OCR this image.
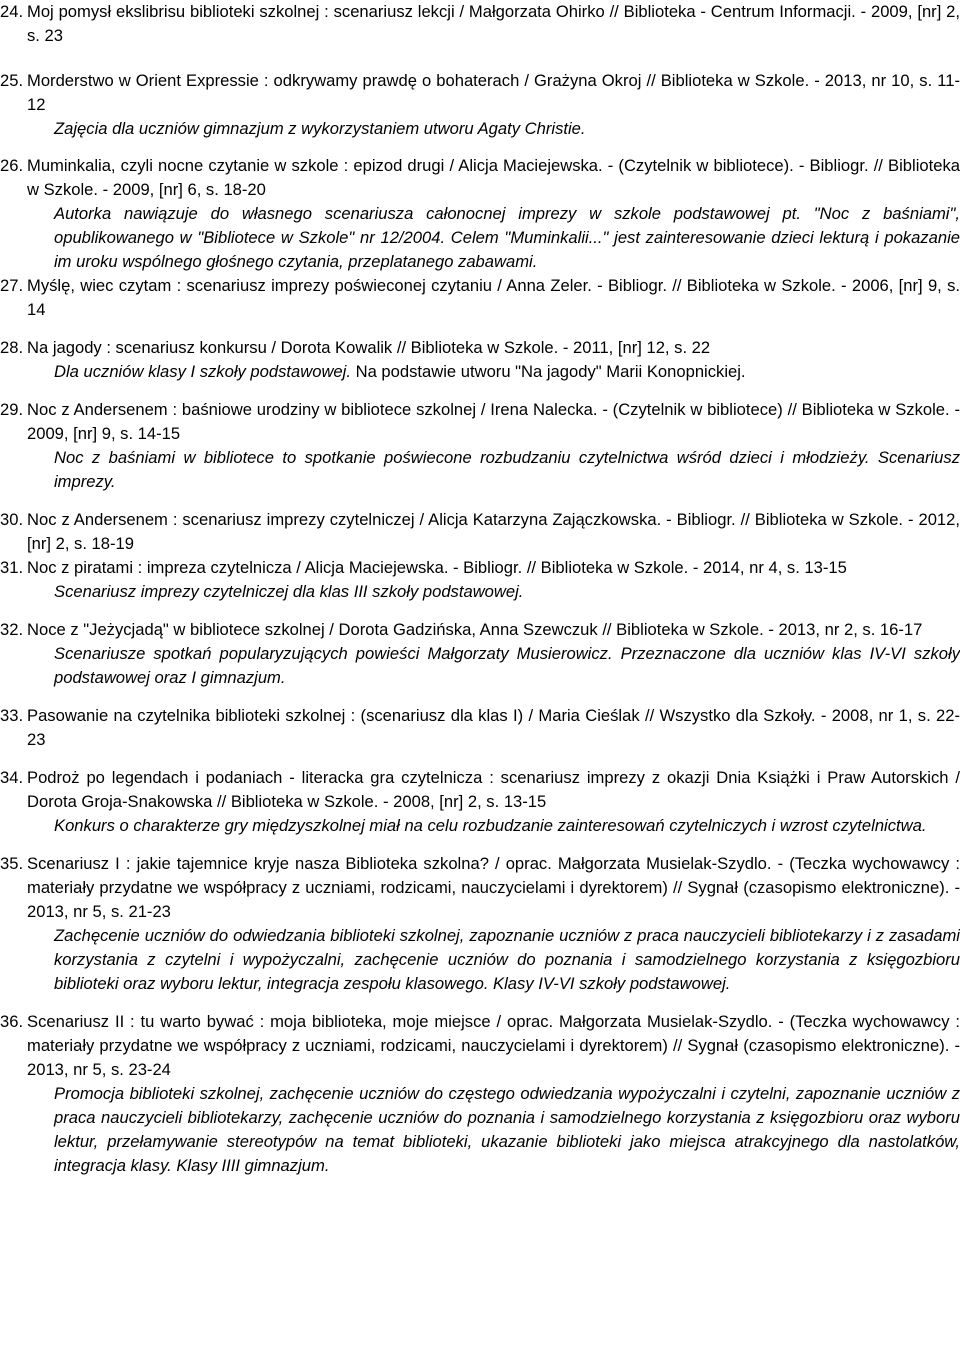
24. Moj pomysł ekslibrisu biblioteki szkolnej : scenariusz lekcji / Małgorzata Ohirko // Biblioteka - Centrum Informacji. - 2009, [nr] 2, s. 23
25. Morderstwo w Orient Expressie : odkrywamy prawdę o bohaterach / Grażyna Okroj // Biblioteka w Szkole. - 2013, nr 10, s. 11-12
Zajęcia dla uczniów gimnazjum z wykorzystaniem utworu Agaty Christie.
26. Muminkalia, czyli nocne czytanie w szkole : epizod drugi / Alicja Maciejewska. - (Czytelnik w bibliotece). - Bibliogr. // Biblioteka w Szkole. - 2009, [nr] 6, s. 18-20
Autorka nawiązuje do własnego scenariusza całonocnej imprezy w szkole podstawowej pt. "Noc z baśniami", opublikowanego w "Bibliotece w Szkole" nr 12/2004. Celem "Muminkalii..." jest zainteresowanie dzieci lekturą i pokazanie im uroku wspólnego głośnego czytania, przeplatanego zabawami.
27. Myślę, wiec czytam : scenariusz imprezy poświeconej czytaniu / Anna Zeler. - Bibliogr. // Biblioteka w Szkole. - 2006, [nr] 9, s. 14
28. Na jagody : scenariusz konkursu / Dorota Kowalik // Biblioteka w Szkole. - 2011, [nr] 12, s. 22
Dla uczniów klasy I szkoły podstawowej. Na podstawie utworu "Na jagody" Marii Konopnickiej.
29. Noc z Andersenem : baśniowe urodziny w bibliotece szkolnej / Irena Nalecka. - (Czytelnik w bibliotece) // Biblioteka w Szkole. - 2009, [nr] 9, s. 14-15
Noc z baśniami w bibliotece to spotkanie poświecone rozbudzaniu czytelnictwa wśród dzieci i młodzieży. Scenariusz imprezy.
30. Noc z Andersenem : scenariusz imprezy czytelniczej / Alicja Katarzyna Zajączkowska. - Bibliogr. // Biblioteka w Szkole. - 2012, [nr] 2, s. 18-19
31. Noc z piratami : impreza czytelnicza / Alicja Maciejewska. - Bibliogr. // Biblioteka w Szkole. - 2014, nr 4, s. 13-15
Scenariusz imprezy czytelniczej dla klas III szkoły podstawowej.
32. Noce z "Jeżycjadą" w bibliotece szkolnej / Dorota Gadzińska, Anna Szewczuk // Biblioteka w Szkole. - 2013, nr 2, s. 16-17
Scenariusze spotkań popularyzujących powieści Małgorzaty Musierowicz. Przeznaczone dla uczniów klas IV-VI szkoły podstawowej oraz I gimnazjum.
33. Pasowanie na czytelnika biblioteki szkolnej : (scenariusz dla klas I) / Maria Cieślak // Wszystko dla Szkoły. - 2008, nr 1, s. 22-23
34. Podroż po legendach i podaniach - literacka gra czytelnicza : scenariusz imprezy z okazji Dnia Książki i Praw Autorskich / Dorota Groja-Snakowska // Biblioteka w Szkole. - 2008, [nr] 2, s. 13-15
Konkurs o charakterze gry międzyszkolnej miał na celu rozbudzanie zainteresowań czytelniczych i wzrost czytelnictwa.
35. Scenariusz I : jakie tajemnice kryje nasza Biblioteka szkolna? / oprac. Małgorzata Musielak-Szydlo. - (Teczka wychowawcy : materiały przydatne we współpracy z uczniami, rodzicami, nauczycielami i dyrektorem) // Sygnał (czasopismo elektroniczne). - 2013, nr 5, s. 21-23
Zachęcenie uczniów do odwiedzania biblioteki szkolnej, zapoznanie uczniów z praca nauczycieli bibliotekarzy i z zasadami korzystania z czytelni i wypożyczalni, zachęcenie uczniów do poznania i samodzielnego korzystania z księgozbioru biblioteki oraz wyboru lektur, integracja zespołu klasowego. Klasy IV-VI szkoły podstawowej.
36. Scenariusz II : tu warto bywać : moja biblioteka, moje miejsce / oprac. Małgorzata Musielak-Szydlo. - (Teczka wychowawcy : materiały przydatne we współpracy z uczniami, rodzicami, nauczycielami i dyrektorem) // Sygnał (czasopismo elektroniczne). - 2013, nr 5, s. 23-24
Promocja biblioteki szkolnej, zachęcenie uczniów do częstego odwiedzania wypożyczalni i czytelni, zapoznanie uczniów z praca nauczycieli bibliotekarzy, zachęcenie uczniów do poznania i samodzielnego korzystania z księgozbioru oraz wyboru lektur, przełamywanie stereotypów na temat biblioteki, ukazanie biblioteki jako miejsca atrakcyjnego dla nastolatków, integracja klasy. Klasy IIII gimnazjum.
